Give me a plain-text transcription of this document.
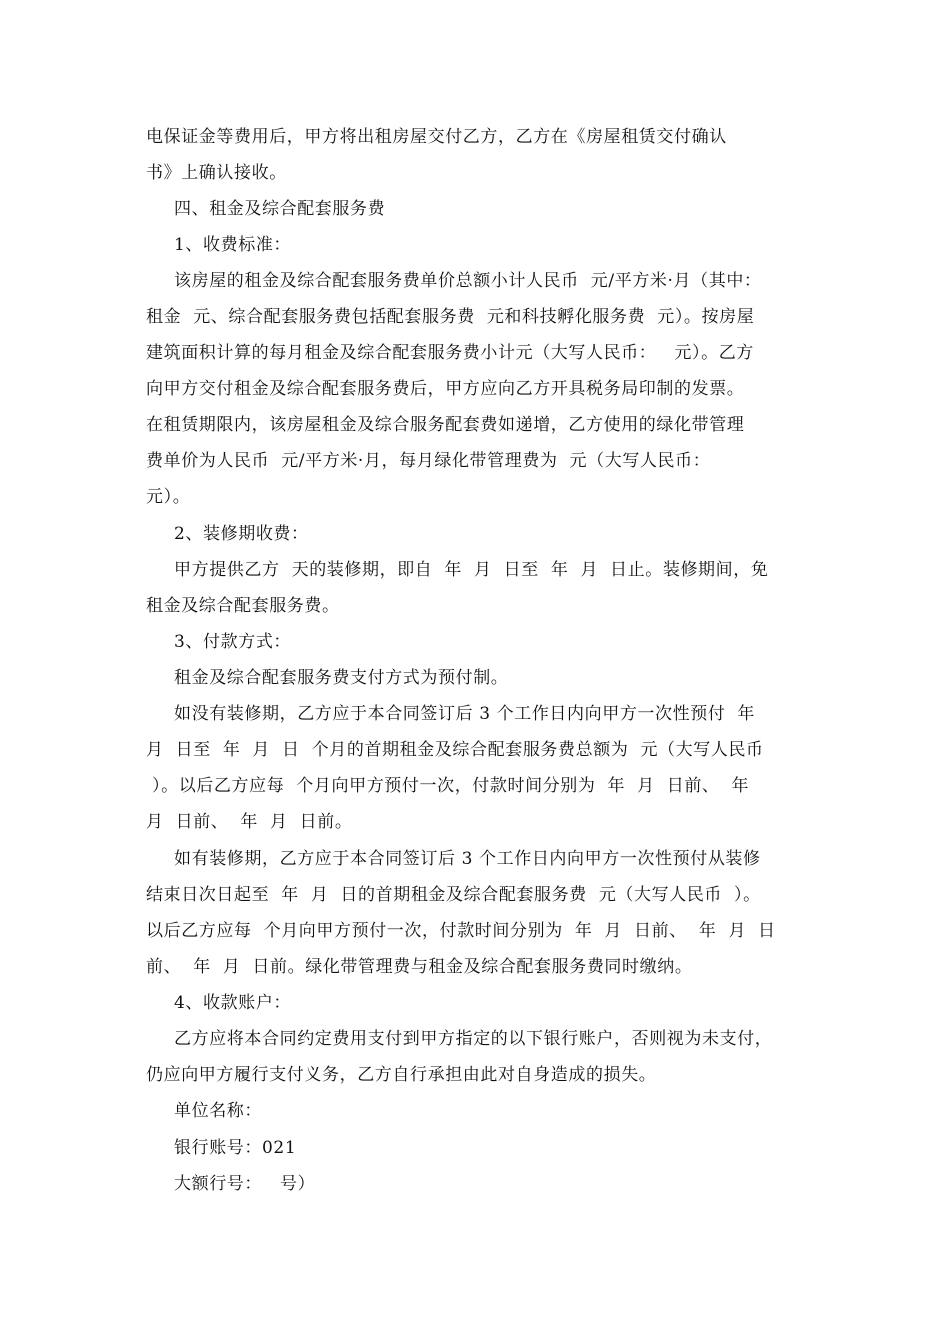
电保证金等费用后，甲方将出租房屋交付乙方，乙方在《房屋租赁交付确认
书》上确认接收。
四、租金及综合配套服务费
1、收费标准：
该房屋的租金及综合配套服务费单价总额小计人民币  元/平方米·月（其中：
租金  元、综合配套服务费包括配套服务费  元和科技孵化服务费  元）。按房屋
建筑面积计算的每月租金及综合配套服务费小计元（大写人民币：   元）。乙方
向甲方交付租金及综合配套服务费后，甲方应向乙方开具税务局印制的发票。
在租赁期限内，该房屋租金及综合服务配套费如递增，乙方使用的绿化带管理
费单价为人民币  元/平方米·月，每月绿化带管理费为  元（大写人民币：
元）。
2、装修期收费：
甲方提供乙方  天的装修期，即自  年  月  日至  年  月  日止。装修期间，免
租金及综合配套服务费。
3、付款方式：
租金及综合配套服务费支付方式为预付制。
如没有装修期，乙方应于本合同签订后 3 个工作日内向甲方一次性预付  年
月  日至  年  月  日  个月的首期租金及综合配套服务费总额为  元（大写人民币
）。以后乙方应每  个月向甲方预付一次，付款时间分别为  年  月  日前、  年
月  日前、  年  月  日前。
如有装修期，乙方应于本合同签订后 3 个工作日内向甲方一次性预付从装修
结束日次日起至  年  月  日的首期租金及综合配套服务费  元（大写人民币  ）。
以后乙方应每  个月向甲方预付一次，付款时间分别为  年  月  日前、  年  月  日
前、  年  月  日前。绿化带管理费与租金及综合配套服务费同时缴纳。
4、收款账户：
乙方应将本合同约定费用支付到甲方指定的以下银行账户，否则视为未支付，
仍应向甲方履行支付义务，乙方自行承担由此对自身造成的损失。
单位名称：
银行账号：021
大额行号：   号）
